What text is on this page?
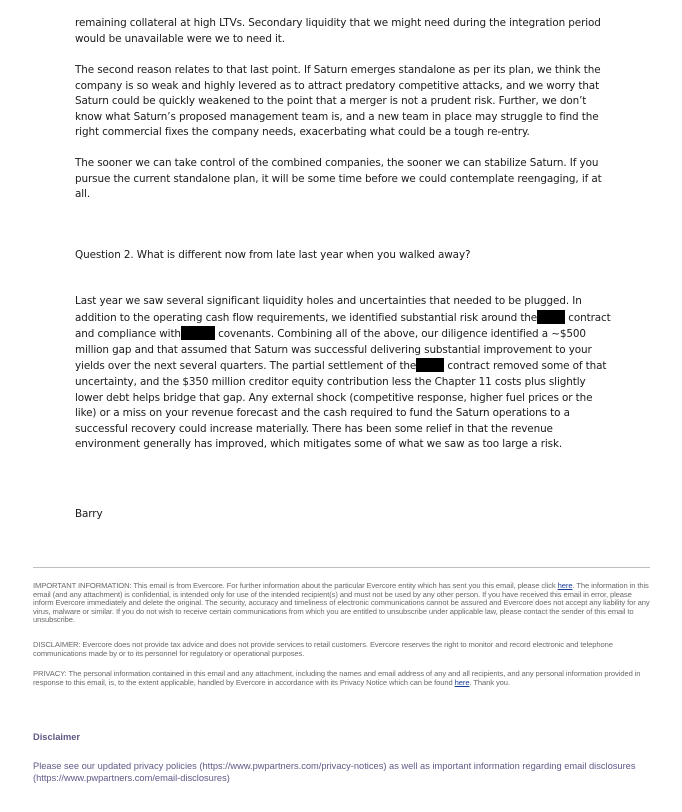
remaining collateral at high LTVs. Secondary liquidity that we might need during the integration period would be unavailable were we to need it.

The second reason relates to that last point. If Saturn emerges standalone as per its plan, we think the company is so weak and highly levered as to attract predatory competitive attacks, and we worry that Saturn could be quickly weakened to the point that a merger is not a prudent risk. Further, we don’t know what Saturn’s proposed management team is, and a new team in place may struggle to find the right commercial fixes the company needs, exacerbating what could be a tough re-entry.

The sooner we can take control of the combined companies, the sooner we can stabilize Saturn. If you pursue the current standalone plan, it will be some time before we could contemplate reengaging, if at all.

Question 2. What is different now from late last year when you walked away?

Last year we saw several significant liquidity holes and uncertainties that needed to be plugged. In addition to the operating cash flow requirements, we identified substantial risk around the	contract and compliance with	covenants. Combining all of the above, our diligence identified a ~$500 million gap and that assumed that Saturn was successful delivering substantial improvement to your yields over the next several quarters. The partial settlement of the	contract removed some of that uncertainty, and the $350 million creditor equity contribution less the Chapter 11 costs plus slightly lower debt helps bridge that gap. Any external shock (competitive response, higher fuel prices or the like) or a miss on your revenue forecast and the cash required to fund the Saturn operations to a successful recovery could increase materially. There has been some relief in that the revenue environment generally has improved, which mitigates some of what we saw as too large a risk.

Barry

IMPORTANT INFORMATION: This email is from Evercore. For further information about the particular Evercore entity which has sent you this email, please click here. The information in this email (and any attachment) is confidential, is intended only for use of the intended recipient(s) and must not be used by any other person. If you have received this email in error, please inform Evercore immediately and delete the original. The security, accuracy and timeliness of electronic communications cannot be assured and Evercore does not accept any liability for any virus, malware or similar. If you do not wish to receive certain communications from which you are entitled to unsubscribe under applicable law, please contact the sender of this email to unsubscribe.
DISCLAIMER: Evercore does not provide tax advice and does not provide services to retail customers. Evercore reserves the right to monitor and record electronic and telephone communications made by or to its personnel for regulatory or operational purposes.
PRIVACY: The personal information contained in this email and any attachment, including the names and email address of any and all recipients, and any personal information provided in response to this email, is, to the extent applicable, handled by Evercore in accordance with its Privacy Notice which can be found here. Thank you.
Disclaimer
Please see our updated privacy policies (https://www.pwpartners.com/privacy-notices) as well as important information regarding email disclosures (https://www.pwpartners.com/email-disclosures)
